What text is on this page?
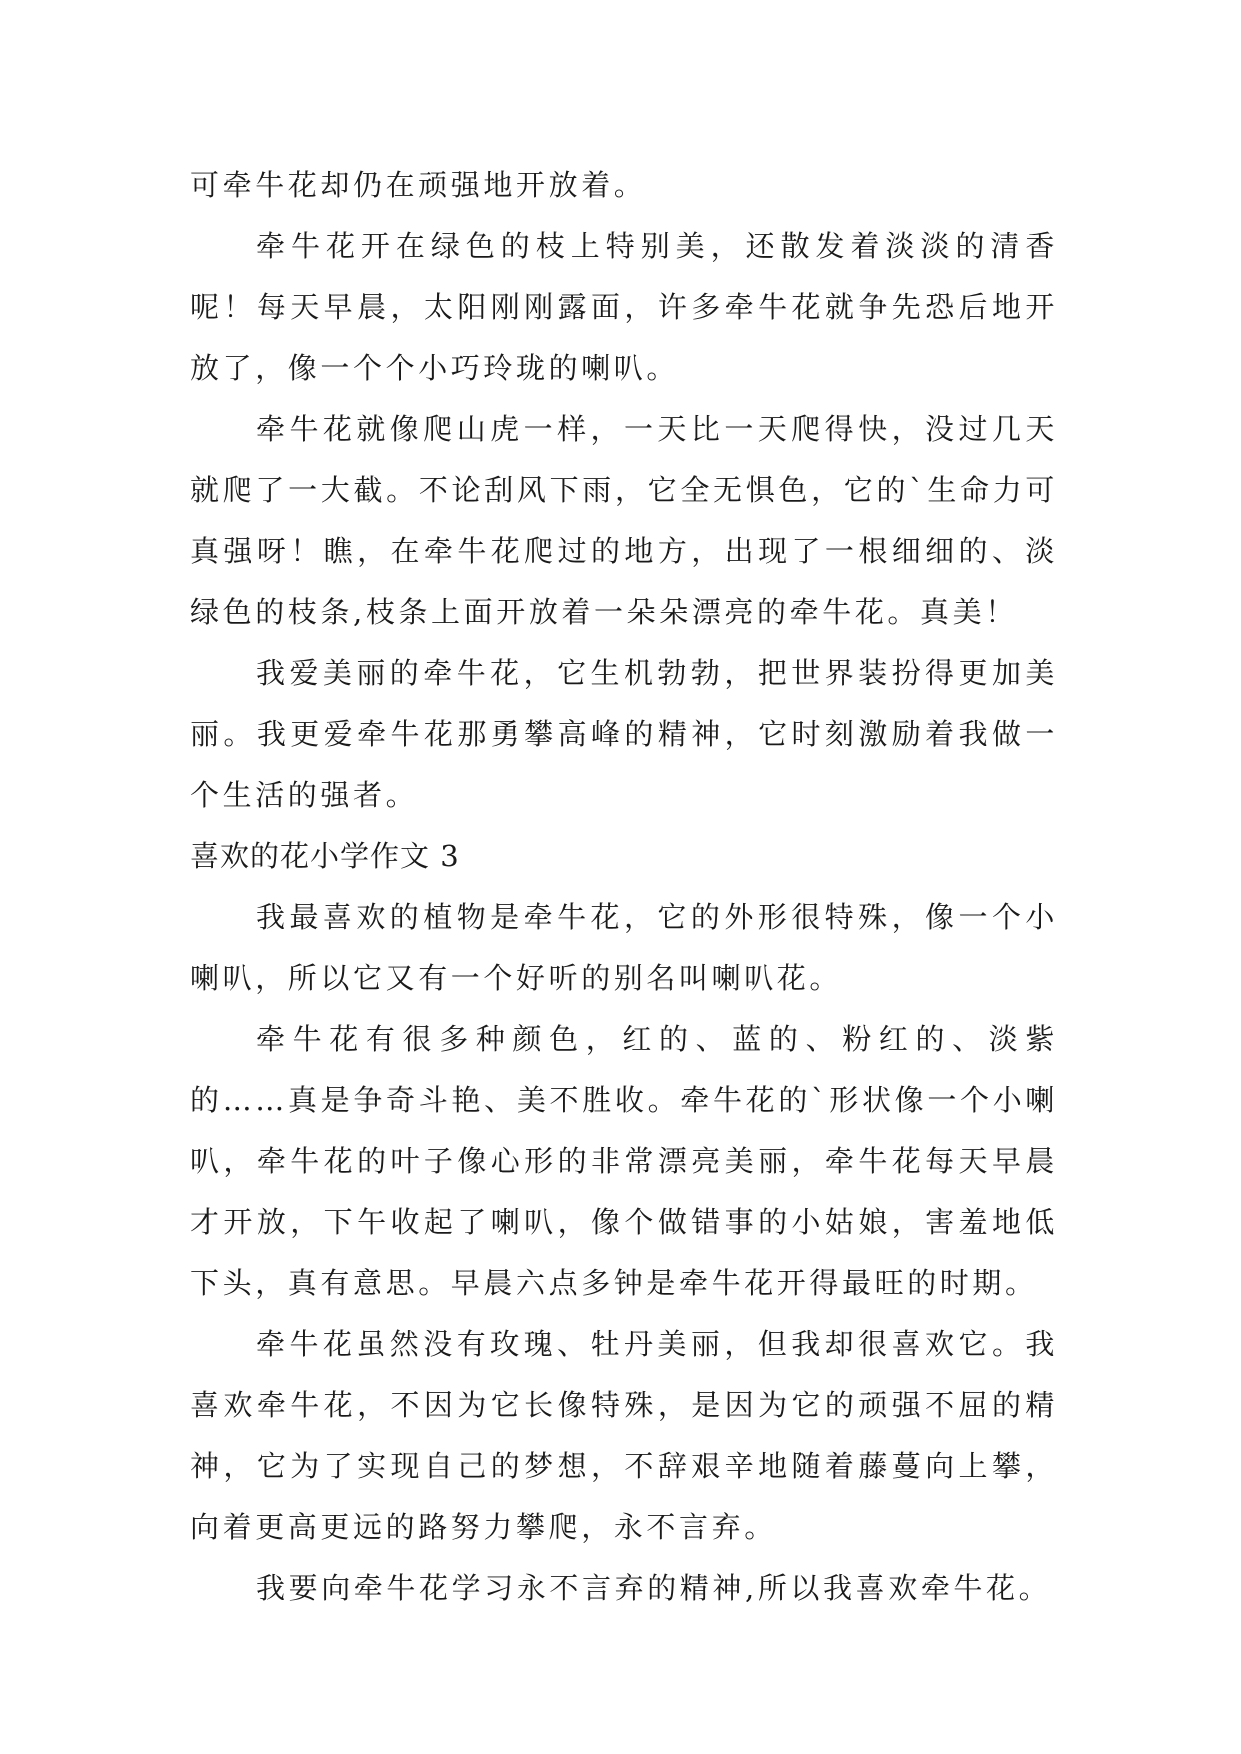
可牵牛花却仍在顽强地开放着。

牵牛花开在绿色的枝上特别美，还散发着淡淡的清香呢！每天早晨，太阳刚刚露面，许多牵牛花就争先恐后地开放了，像一个个小巧玲珑的喇叭。

牵牛花就像爬山虎一样，一天比一天爬得快，没过几天就爬了一大截。不论刮风下雨，它全无惧色，它的`生命力可真强呀！瞧，在牵牛花爬过的地方，出现了一根细细的、淡绿色的枝条,枝条上面开放着一朵朵漂亮的牵牛花。真美！

我爱美丽的牵牛花，它生机勃勃，把世界装扮得更加美丽。我更爱牵牛花那勇攀高峰的精神，它时刻激励着我做一个生活的强者。

喜欢的花小学作文 3

我最喜欢的植物是牵牛花，它的外形很特殊，像一个小喇叭，所以它又有一个好听的别名叫喇叭花。

牵牛花有很多种颜色，红的、蓝的、粉红的、淡紫的……真是争奇斗艳、美不胜收。牵牛花的`形状像一个小喇叭，牵牛花的叶子像心形的非常漂亮美丽，牵牛花每天早晨才开放，下午收起了喇叭，像个做错事的小姑娘，害羞地低下头，真有意思。早晨六点多钟是牵牛花开得最旺的时期。

牵牛花虽然没有玫瑰、牡丹美丽，但我却很喜欢它。我喜欢牵牛花，不因为它长像特殊，是因为它的顽强不屈的精神，它为了实现自己的梦想，不辞艰辛地随着藤蔓向上攀，向着更高更远的路努力攀爬，永不言弃。

我要向牵牛花学习永不言弃的精神,所以我喜欢牵牛花。
